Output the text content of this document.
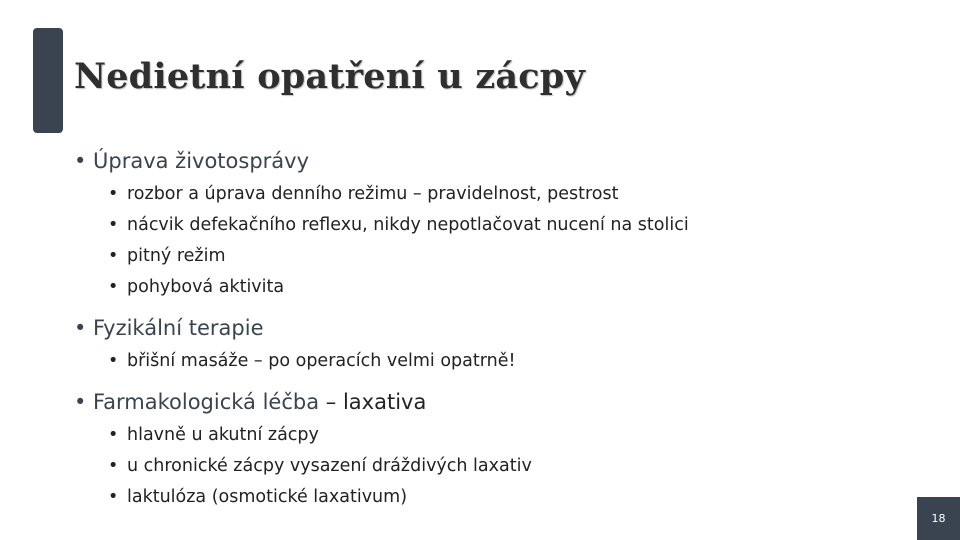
Nedietní opatření u zácpy
• Úprava životosprávy
• rozbor a úprava denního režimu – pravidelnost, pestrost
• nácvik defekačního reflexu, nikdy nepotlačovat nucení na stolici
• pitný režim
• pohybová aktivita
• Fyzikální terapie
• břišní masáže – po operacích velmi opatrně!
• Farmakologická léčba – laxativa
• hlavně u akutní zácpy
• u chronické zácpy vysazení dráždivých laxativ
• laktulóza (osmotické laxativum)
18
